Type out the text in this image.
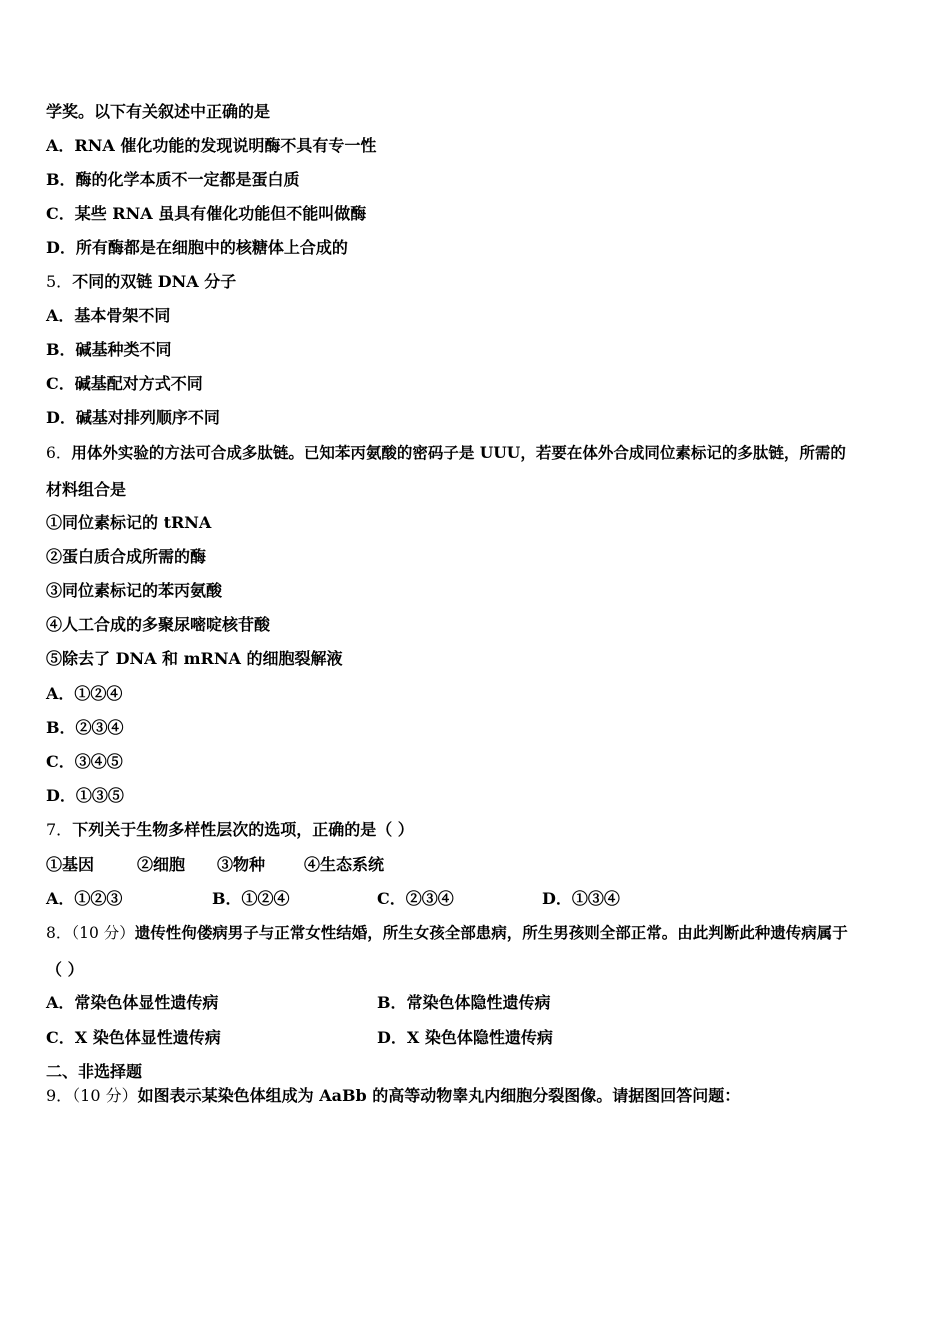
学奖。以下有关叙述中正确的是
A．RNA 催化功能的发现说明酶不具有专一性
B．酶的化学本质不一定都是蛋白质
C．某些 RNA 虽具有催化功能但不能叫做酶
D．所有酶都是在细胞中的核糖体上合成的
5．不同的双链 DNA 分子
A．基本骨架不同
B．碱基种类不同
C．碱基配对方式不同
D．碱基对排列顺序不同
6．用体外实验的方法可合成多肽链。已知苯丙氨酸的密码子是 UUU，若要在体外合成同位素标记的多肽链，所需的
材料组合是
①同位素标记的 tRNA
②蛋白质合成所需的酶
③同位素标记的苯丙氨酸
④人工合成的多聚尿嘧啶核苷酸
⑤除去了 DNA 和 mRNA 的细胞裂解液
A．①②④
B．②③④
C．③④⑤
D．①③⑤
7．下列关于生物多样性层次的选项，正确的是（ ）
①基因	②细胞 ③物种 ④生态系统
A．①②③	B．①②④	C．②③④	D．①③④
8．（10 分）遗传性佝偻病男子与正常女性结婚，所生女孩全部患病，所生男孩则全部正常。由此判断此种遗传病属于
（ ）
A．常染色体显性遗传病	B．常染色体隐性遗传病
C．X 染色体显性遗传病	D．X 染色体隐性遗传病
二、非选择题
9．（10 分）如图表示某染色体组成为 AaBb 的高等动物睾丸内细胞分裂图像。请据图回答问题：
